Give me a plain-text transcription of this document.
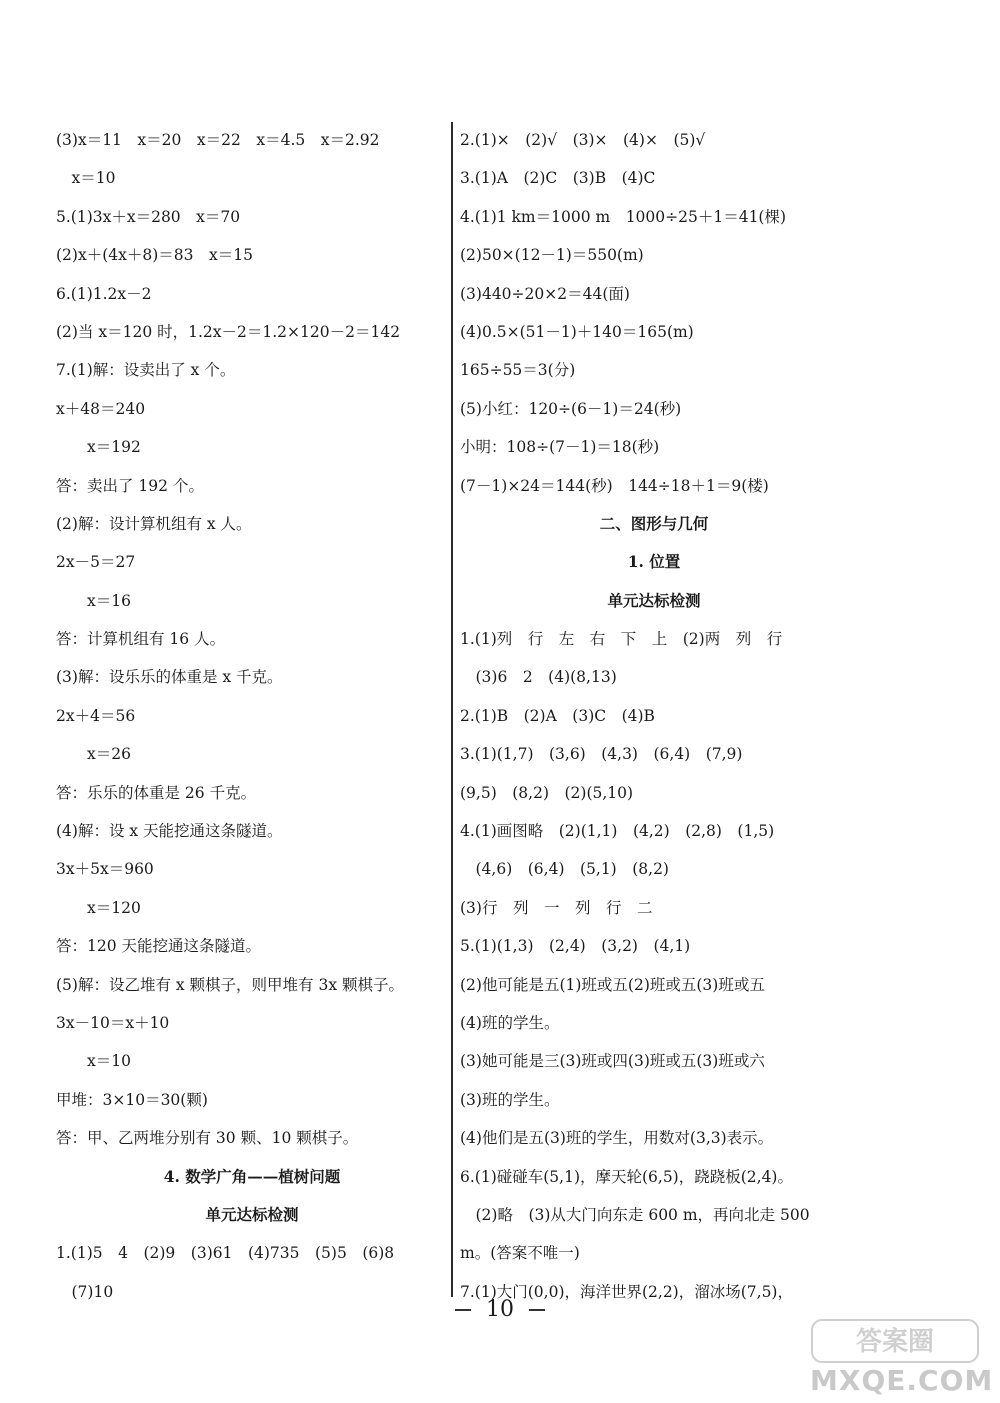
(3)x＝11　x＝20　x＝22　x＝4.5　x＝2.92
　x＝10
5.(1)3x＋x＝280　x＝70
(2)x＋(4x＋8)＝83　x＝15
6.(1)1.2x－2
(2)当 x＝120 时，1.2x－2＝1.2×120－2＝142
7.(1)解：设卖出了 x 个。
x＋48＝240
　　x＝192
答：卖出了 192 个。
(2)解：设计算机组有 x 人。
2x－5＝27
　　x＝16
答：计算机组有 16 人。
(3)解：设乐乐的体重是 x 千克。
2x＋4＝56
　　x＝26
答：乐乐的体重是 26 千克。
(4)解：设 x 天能挖通这条隧道。
3x＋5x＝960
　　x＝120
答：120 天能挖通这条隧道。
(5)解：设乙堆有 x 颗棋子，则甲堆有 3x 颗棋子。
3x－10＝x＋10
　　x＝10
甲堆：3×10＝30(颗)
答：甲、乙两堆分别有 30 颗、10 颗棋子。
4. 数学广角——植树问题
单元达标检测
1.(1)5　4　(2)9　(3)61　(4)735　(5)5　(6)8
　(7)10
2.(1)×　(2)√　(3)×　(4)×　(5)√
3.(1)A　(2)C　(3)B　(4)C
4.(1)1 km＝1000 m　1000÷25＋1＝41(棵)
(2)50×(12－1)＝550(m)
(3)440÷20×2＝44(面)
(4)0.5×(51－1)＋140＝165(m)
165÷55＝3(分)
(5)小红：120÷(6－1)＝24(秒)
小明：108÷(7－1)＝18(秒)
(7－1)×24＝144(秒)　144÷18＋1＝9(楼)
二、图形与几何
1. 位置
单元达标检测
1.(1)列　行　左　右　下　上　(2)两　列　行
　(3)6　2　(4)(8,13)
2.(1)B　(2)A　(3)C　(4)B
3.(1)(1,7)　(3,6)　(4,3)　(6,4)　(7,9)
(9,5)　(8,2)　(2)(5,10)
4.(1)画图略　(2)(1,1)　(4,2)　(2,8)　(1,5)
　(4,6)　(6,4)　(5,1)　(8,2)
(3)行　列　一　列　行　二
5.(1)(1,3)　(2,4)　(3,2)　(4,1)
(2)他可能是五(1)班或五(2)班或五(3)班或五
(4)班的学生。
(3)她可能是三(3)班或四(3)班或五(3)班或六
(3)班的学生。
(4)他们是五(3)班的学生，用数对(3,3)表示。
6.(1)碰碰车(5,1)，摩天轮(6,5)，跷跷板(2,4)。
　(2)略　(3)从大门向东走 600 m，再向北走 500
m。(答案不唯一)
7.(1)大门(0,0)，海洋世界(2,2)，溜冰场(7,5)，
10
答案圈
MXQE.COM
